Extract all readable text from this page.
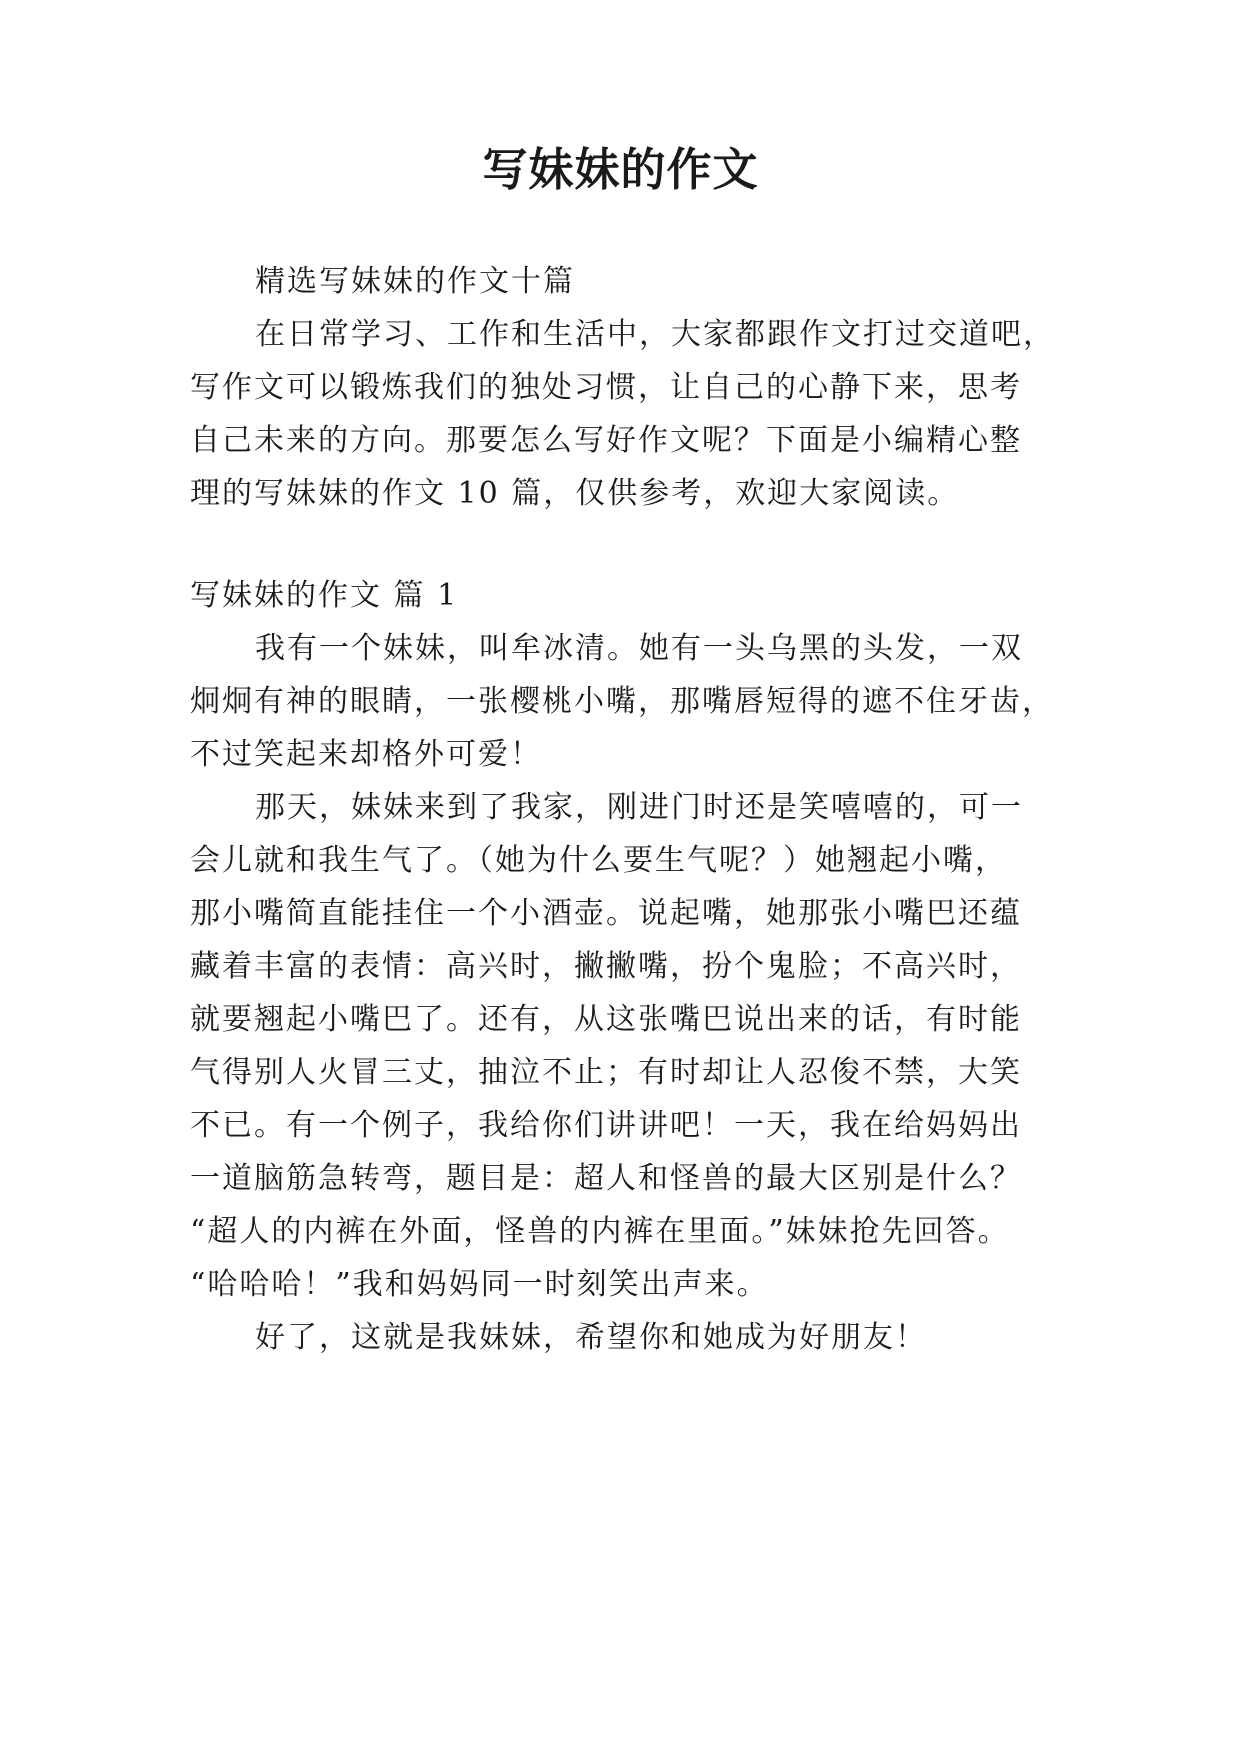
写妹妹的作文
精选写妹妹的作文十篇
在日常学习、工作和生活中，大家都跟作文打过交道吧，
写作文可以锻炼我们的独处习惯，让自己的心静下来，思考
自己未来的方向。那要怎么写好作文呢？下面是小编精心整
理的写妹妹的作文 10 篇，仅供参考，欢迎大家阅读。
写妹妹的作文 篇 1
我有一个妹妹，叫牟冰清。她有一头乌黑的头发，一双
炯炯有神的眼睛，一张樱桃小嘴，那嘴唇短得的遮不住牙齿，
不过笑起来却格外可爱！
那天，妹妹来到了我家，刚进门时还是笑嘻嘻的，可一
会儿就和我生气了。（她为什么要生气呢？）她翘起小嘴，
那小嘴简直能挂住一个小酒壶。说起嘴，她那张小嘴巴还蕴
藏着丰富的表情：高兴时，撇撇嘴，扮个鬼脸；不高兴时，
就要翘起小嘴巴了。还有，从这张嘴巴说出来的话，有时能
气得别人火冒三丈，抽泣不止；有时却让人忍俊不禁，大笑
不已。有一个例子，我给你们讲讲吧！一天，我在给妈妈出
一道脑筋急转弯，题目是：超人和怪兽的最大区别是什么？
“超人的内裤在外面，怪兽的内裤在里面。”妹妹抢先回答。
“哈哈哈！”我和妈妈同一时刻笑出声来。
好了，这就是我妹妹，希望你和她成为好朋友！
